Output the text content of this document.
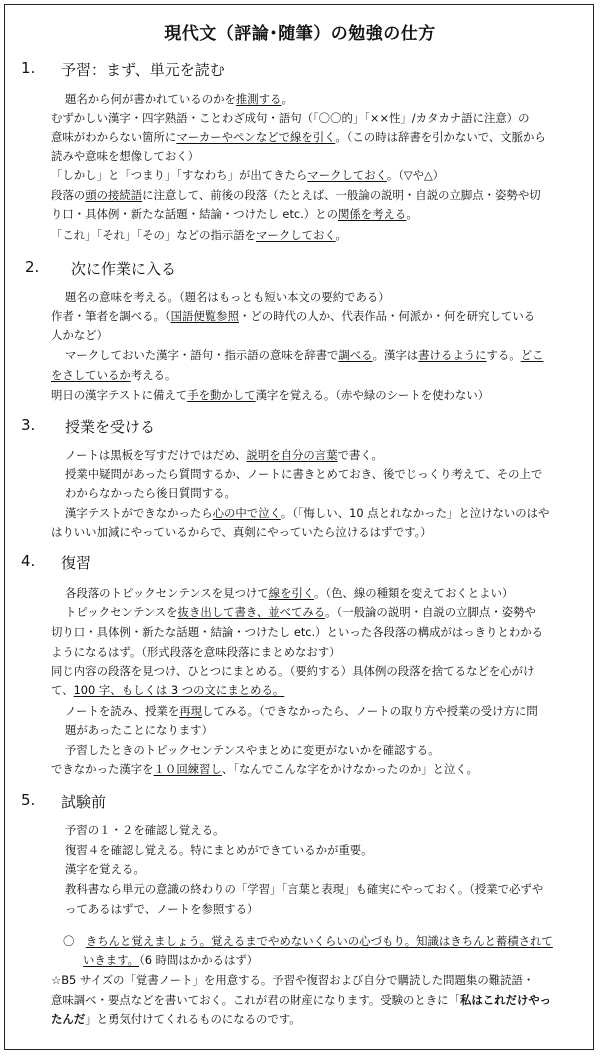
現代文（評論･随筆）の勉強の仕方
1. 予習：まず、単元を読む
題名から何が書かれているのかを推測する。
むずかしい漢字・四字熟語・ことわざ成句・語句（「〇〇的」「××性」/カタカナ語に注意）の
意味がわからない箇所にマーカーやペンなどで線を引く。（この時は辞書を引かないで、文脈から
読みや意味を想像しておく）
「しかし」と「つまり」「すなわち」が出てきたらマークしておく。（▽や△）
段落の頭の接続語に注意して、前後の段落（たとえば、一般論の説明・自説の立脚点・姿勢や切
り口・具体例・新たな話題・結論・つけたし etc.）との関係を考える。
「これ」「それ」「その」などの指示語をマークしておく。
2. 次に作業に入る
題名の意味を考える。（題名はもっとも短い本文の要約である）
作者・筆者を調べる。（国語便覧参照・どの時代の人か、代表作品・何派か・何を研究している
人かなど）
マークしておいた漢字・語句・指示語の意味を辞書で調べる。漢字は書けるようにする。どこ
をさしているか考える。
明日の漢字テストに備えて手を動かして漢字を覚える。（赤や緑のシートを使わない）
3. 授業を受ける
ノートは黒板を写すだけではだめ、説明を自分の言葉で書く。
授業中疑問があったら質問するか、ノートに書きとめておき、後でじっくり考えて、その上で
わからなかったら後日質問する。
漢字テストができなかったら心の中で泣く。（「悔しい、10 点とれなかった」と泣けないのはや
はりいい加減にやっているからで、真剣にやっていたら泣けるはずです。）
4. 復習
各段落のトピックセンテンスを見つけて線を引く。（色、線の種類を変えておくとよい）
トピックセンテンスを抜き出して書き、並べてみる。（一般論の説明・自説の立脚点・姿勢や
切り口・具体例・新たな話題・結論・つけたし etc.）といった各段落の構成がはっきりとわかる
ようになるはず。（形式段落を意味段落にまとめなおす）
同じ内容の段落を見つけ、ひとつにまとめる。（要約する）具体例の段落を捨てるなどを心がけ
て、100 字、もしくは 3 つの文にまとめる。
ノートを読み、授業を再現してみる。（できなかったら、ノートの取り方や授業の受け方に問
題があったことになります）
予習したときのトピックセンテンスやまとめに変更がないかを確認する。
できなかった漢字を１０回練習し、「なんでこんな字をかけなかったのか」と泣く。
5. 試験前
予習の１・２を確認し覚える。
復習４を確認し覚える。特にまとめができているかが重要。
漢字を覚える。
教科書なら単元の意識の終わりの「学習」「言葉と表現」も確実にやっておく。（授業で必ずや
ってあるはずで、ノートを参照する）
〇　きちんと覚えましょう。覚えるまでやめないくらいの心づもり。知識はきちんと蓄積されて
いきます。（6 時間はかかるはず）
☆B5 サイズの「覚書ノート」を用意する。予習や復習および自分で購読した問題集の難読語・
意味調べ・要点などを書いておく。これが君の財産になります。受験のときに「私はこれだけやっ
たんだ」と勇気付けてくれるものになるのです。
